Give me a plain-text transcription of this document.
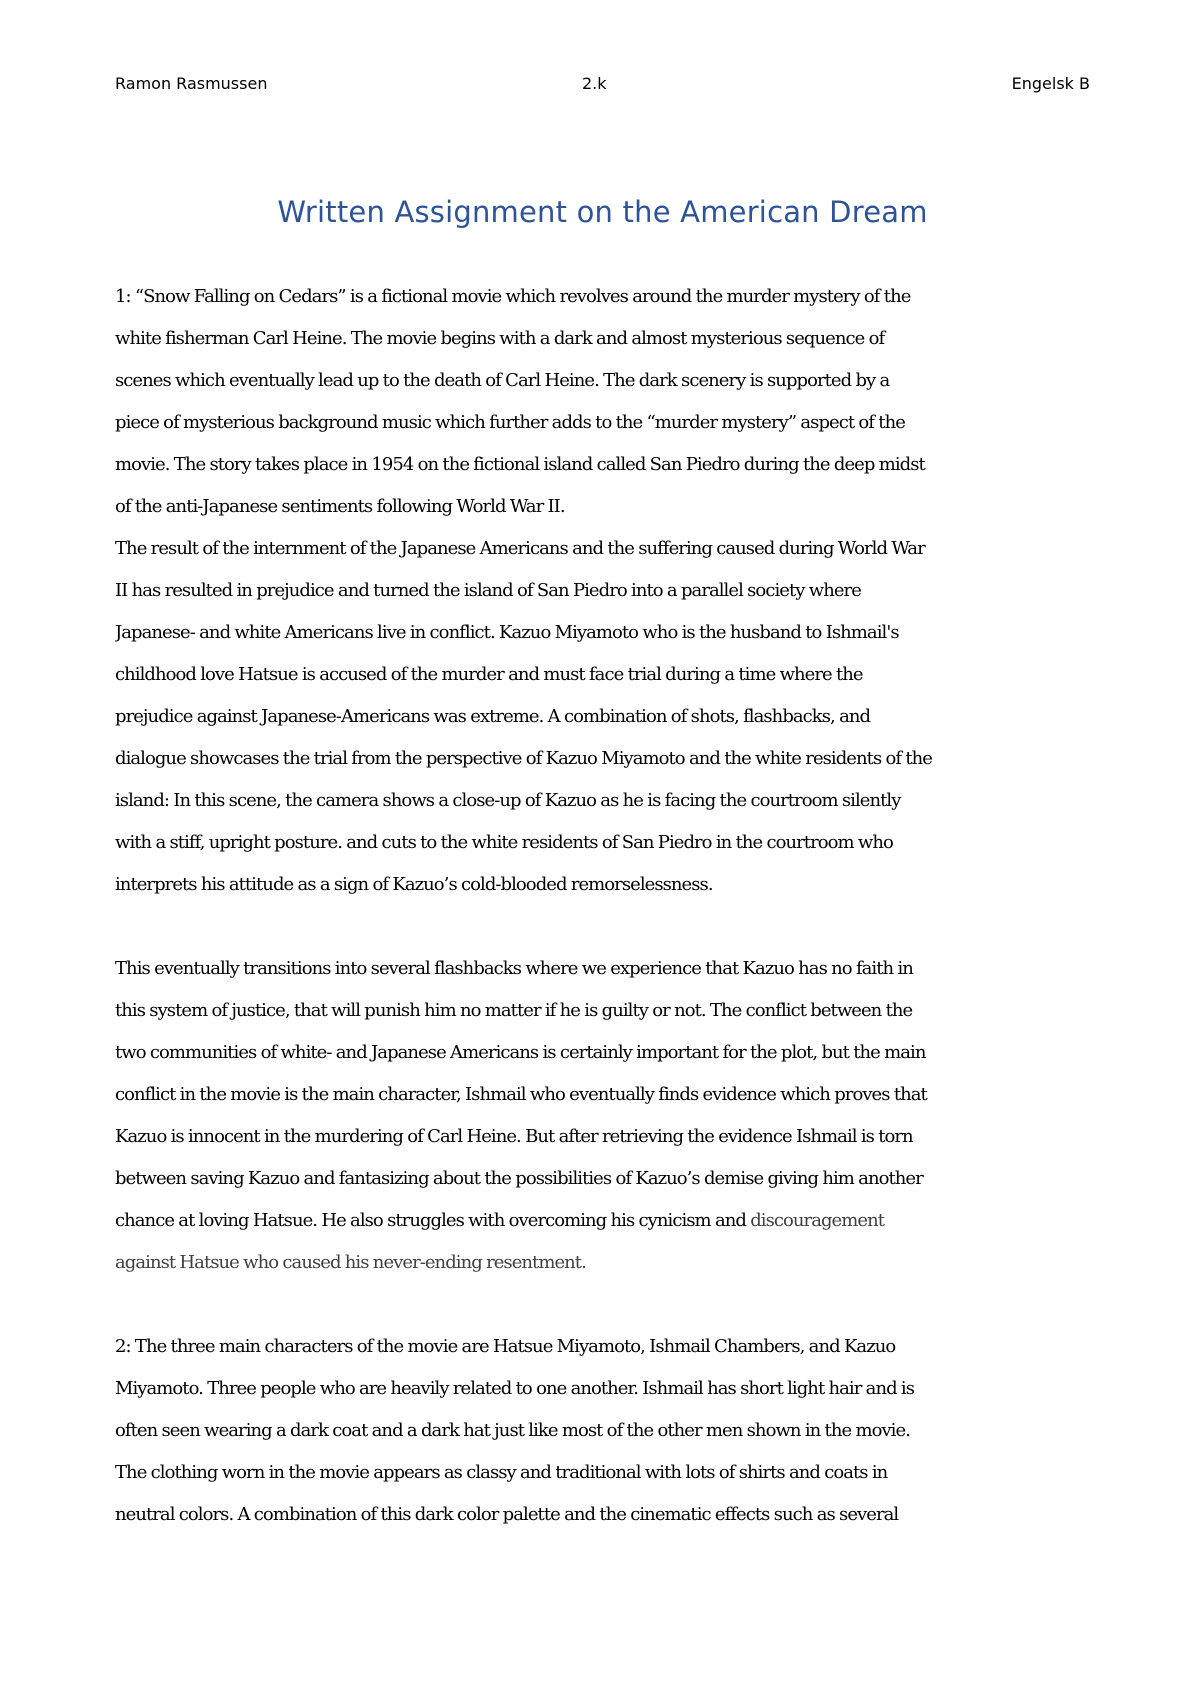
Ramon Rasmussen	2.k	Engelsk B
Written Assignment on the American Dream
1: “Snow Falling on Cedars” is a fictional movie which revolves around the murder mystery of the
white fisherman Carl Heine. The movie begins with a dark and almost mysterious sequence of
scenes which eventually lead up to the death of Carl Heine. The dark scenery is supported by a
piece of mysterious background music which further adds to the “murder mystery” aspect of the
movie. The story takes place in 1954 on the fictional island called San Piedro during the deep midst
of the anti-Japanese sentiments following World War II.
The result of the internment of the Japanese Americans and the suffering caused during World War
II has resulted in prejudice and turned the island of San Piedro into a parallel society where
Japanese- and white Americans live in conflict. Kazuo Miyamoto who is the husband to Ishmail's
childhood love Hatsue is accused of the murder and must face trial during a time where the
prejudice against Japanese-Americans was extreme. A combination of shots, flashbacks, and
dialogue showcases the trial from the perspective of Kazuo Miyamoto and the white residents of the
island: In this scene, the camera shows a close-up of Kazuo as he is facing the courtroom silently
with a stiff, upright posture. and cuts to the white residents of San Piedro in the courtroom who
interprets his attitude as a sign of Kazuo’s cold-blooded remorselessness.
This eventually transitions into several flashbacks where we experience that Kazuo has no faith in
this system of justice, that will punish him no matter if he is guilty or not. The conflict between the
two communities of white- and Japanese Americans is certainly important for the plot, but the main
conflict in the movie is the main character, Ishmail who eventually finds evidence which proves that
Kazuo is innocent in the murdering of Carl Heine. But after retrieving the evidence Ishmail is torn
between saving Kazuo and fantasizing about the possibilities of Kazuo’s demise giving him another
chance at loving Hatsue. He also struggles with overcoming his cynicism and discouragement
against Hatsue who caused his never-ending resentment.
2: The three main characters of the movie are Hatsue Miyamoto, Ishmail Chambers, and Kazuo
Miyamoto. Three people who are heavily related to one another. Ishmail has short light hair and is
often seen wearing a dark coat and a dark hat just like most of the other men shown in the movie.
The clothing worn in the movie appears as classy and traditional with lots of shirts and coats in
neutral colors. A combination of this dark color palette and the cinematic effects such as several
